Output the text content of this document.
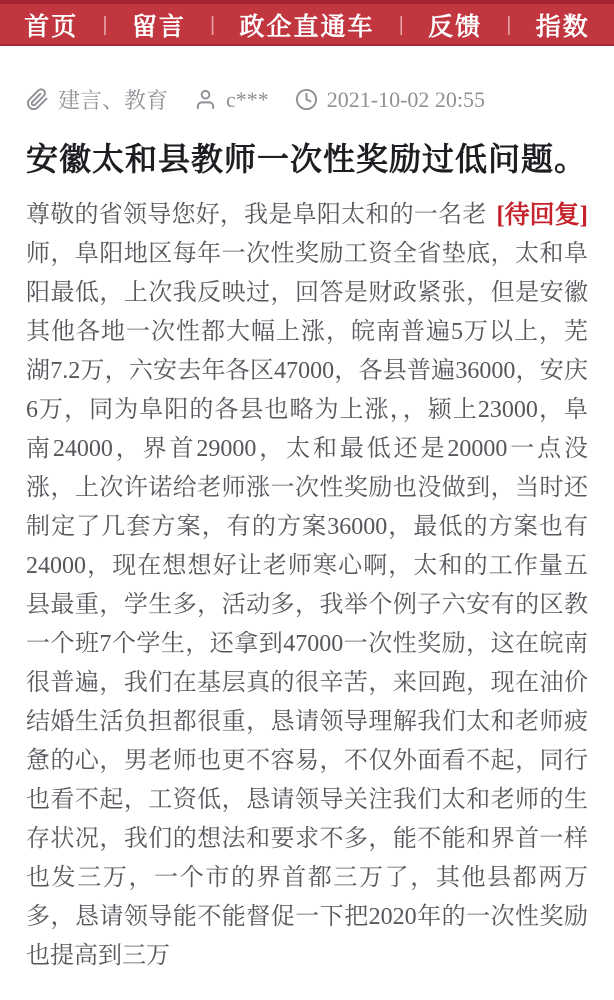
首页 | 留言 | 政企直通车 | 反馈 | 指数
建言、教育	c***	2021-10-02 20:55
安徽太和县教师一次性奖励过低问题。

[待回复]
尊敬的省领导您好，我是阜阳太和的一名老师，阜阳地区每年一次性奖励工资全省垫底，太和阜阳最低，上次我反映过，回答是财政紧张，但是安徽其他各地一次性都大幅上涨，皖南普遍5万以上，芜湖7.2万，六安去年各区47000，各县普遍36000，安庆6万，同为阜阳的各县也略为上涨，，颍上23000，阜南24000，界首29000，太和最低还是20000一点没涨，上次许诺给老师涨一次性奖励也没做到，当时还制定了几套方案，有的方案36000，最低的方案也有24000，现在想想好让老师寒心啊，太和的工作量五县最重，学生多，活动多，我举个例子六安有的区教一个班7个学生，还拿到47000一次性奖励，这在皖南很普遍，我们在基层真的很辛苦，来回跑，现在油价结婚生活负担都很重，恳请领导理解我们太和老师疲惫的心，男老师也更不容易，不仅外面看不起，同行也看不起，工资低，恳请领导关注我们太和老师的生存状况，我们的想法和要求不多，能不能和界首一样也发三万，一个市的界首都三万了，其他县都两万多，恳请领导能不能督促一下把2020年的一次性奖励也提高到三万
